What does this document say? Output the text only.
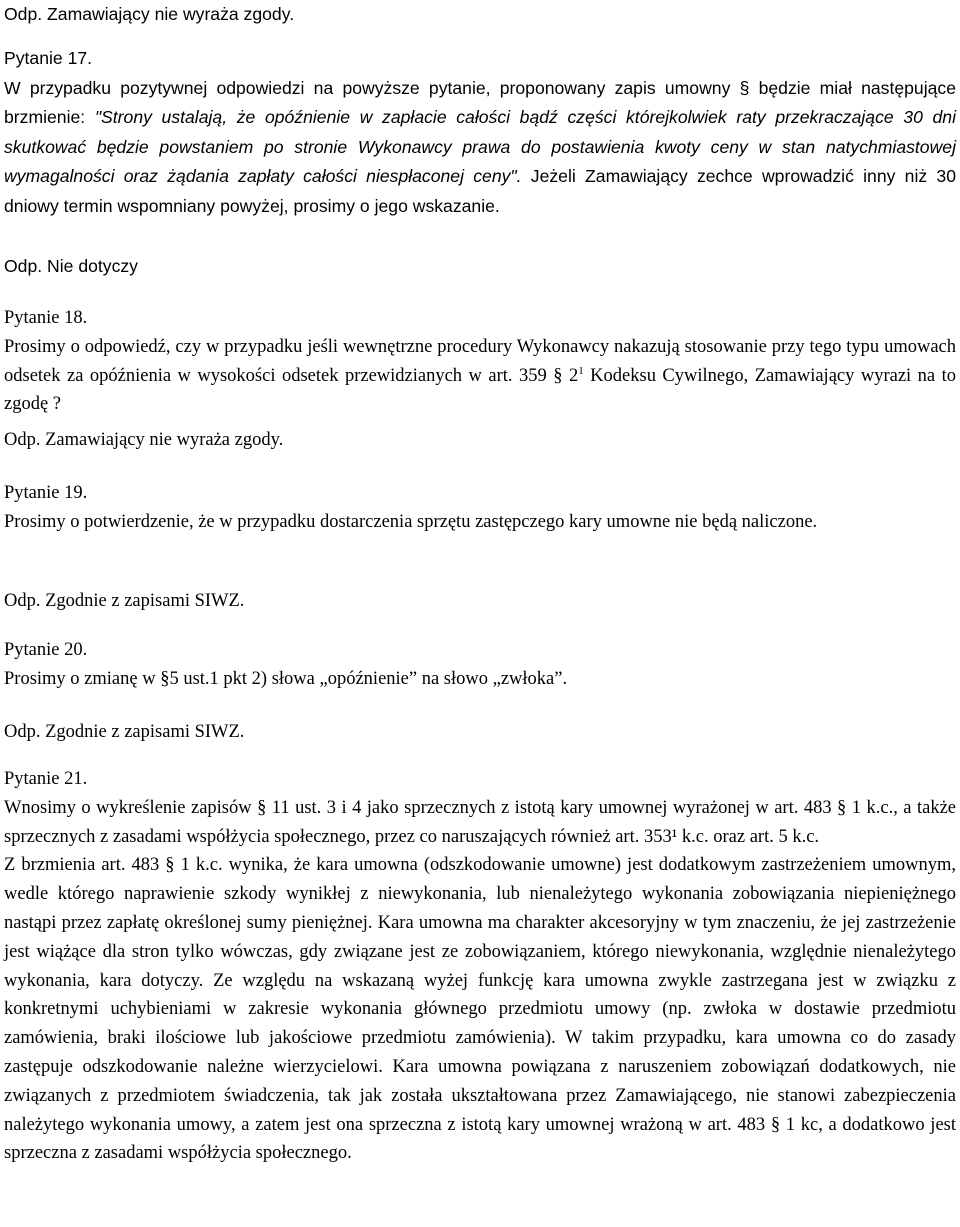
Odp. Zamawiający nie wyraża zgody.

Pytanie 17.

W przypadku pozytywnej odpowiedzi na powyższe pytanie, proponowany zapis umowny § będzie miał następujące brzmienie: "Strony ustalają, że opóźnienie w zapłacie całości bądź części którejkolwiek raty przekraczające 30 dni skutkować będzie powstaniem po stronie Wykonawcy prawa do postawienia kwoty ceny w stan natychmiastowej wymagalności oraz żądania zapłaty całości niespłaconej ceny". Jeżeli Zamawiający zechce wprowadzić inny niż 30 dniowy termin wspomniany powyżej, prosimy o jego wskazanie.

Odp. Nie dotyczy

Pytanie 18.

Prosimy o odpowiedź, czy w przypadku jeśli wewnętrzne procedury Wykonawcy nakazują stosowanie przy tego typu umowach odsetek za opóźnienia w wysokości odsetek przewidzianych w art. 359 § $2^1$ Kodeksu Cywilnego, Zamawiający wyrazi na to zgodę ?

Odp. Zamawiający nie wyraża zgody.

Pytanie 19.

Prosimy o potwierdzenie, że w przypadku dostarczenia sprzętu zastępczego kary umowne nie będą naliczone.

Odp. Zgodnie z zapisami SIWZ.

Pytanie 20.

Prosimy o zmianę w §5 ust.1 pkt 2) słowa „opóźnienie” na słowo „zwłoka”.

Odp. Zgodnie z zapisami SIWZ.

Pytanie 21.

Wnosimy o wykreślenie zapisów § 11 ust. 3 i 4 jako sprzecznych z istotą kary umownej wyrażonej w art. 483 § 1 k.c., a także sprzecznych z zasadami współżycia społecznego, przez co naruszających również art. 353¹ k.c. oraz art. 5 k.c.

Z brzmienia art. 483 § 1 k.c. wynika, że kara umowna (odszkodowanie umowne) jest dodatkowym zastrzeżeniem umownym, wedle którego naprawienie szkody wynikłej z niewykonania, lub nienależytego wykonania zobowiązania niepieniężnego nastąpi przez zapłatę określonej sumy pieniężnej. Kara umowna ma charakter akcesoryjny w tym znaczeniu, że jej zastrzeżenie jest wiążące dla stron tylko wówczas, gdy związane jest ze zobowiązaniem, którego niewykonania, względnie nienależytego wykonania, kara dotyczy. Ze względu na wskazaną wyżej funkcję kara umowna zwykle zastrzegana jest w związku z konkretnymi uchybieniami w zakresie wykonania głównego przedmiotu umowy (np. zwłoka w dostawie przedmiotu zamówienia, braki ilościowe lub jakościowe przedmiotu zamówienia). W takim przypadku, kara umowna co do zasady zastępuje odszkodowanie należne wierzycielowi. Kara umowna powiązana z naruszeniem zobowiązań dodatkowych, nie związanych z przedmiotem świadczenia, tak jak została ukształtowana przez Zamawiającego, nie stanowi zabezpieczenia należytego wykonania umowy, a zatem jest ona sprzeczna z istotą kary umownej wrażoną w art. 483 § 1 kc, a dodatkowo jest sprzeczna z zasadami współżycia społecznego.
